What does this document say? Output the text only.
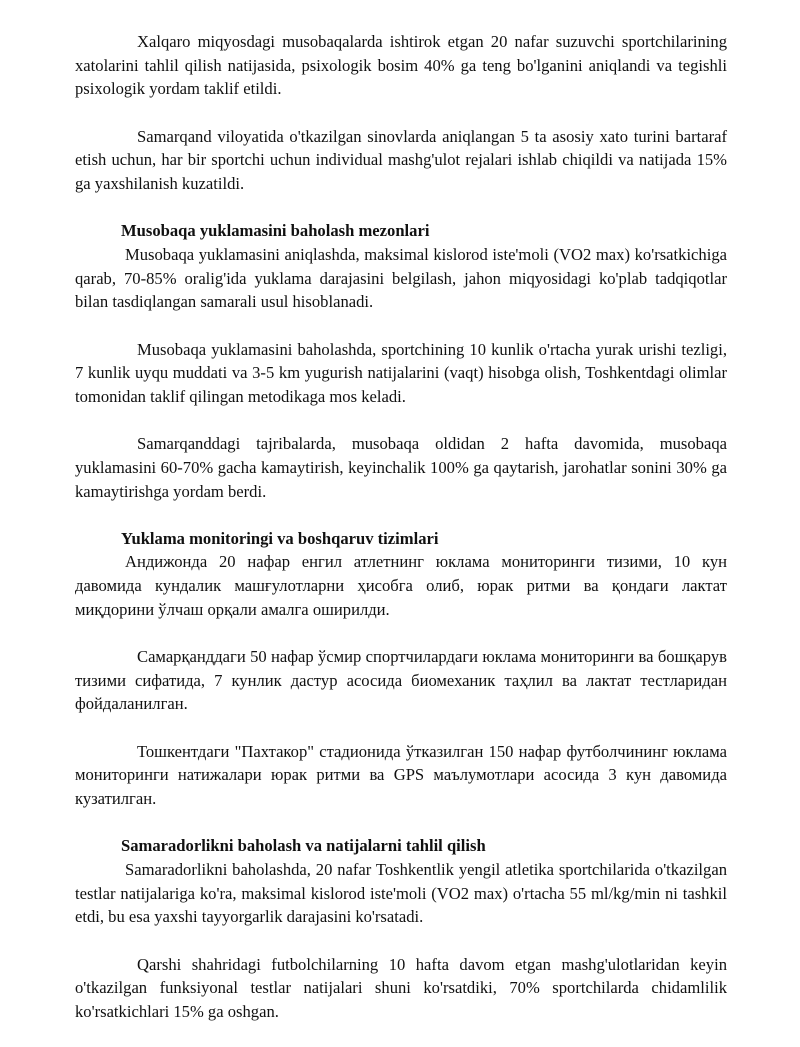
Xalqaro miqyosdagi musobaqalarda ishtirok etgan 20 nafar suzuvchi sportchilarining xatolarini tahlil qilish natijasida, psixologik bosim 40% ga teng bo'lganini aniqlandi va tegishli psixologik yordam taklif etildi.

Samarqand viloyatida o'tkazilgan sinovlarda aniqlangan 5 ta asosiy xato turini bartaraf etish uchun, har bir sportchi uchun individual mashg'ulot rejalari ishlab chiqildi va natijada 15% ga yaxshilanish kuzatildi.

Musobaqa yuklamasini baholash mezonlari

Musobaqa yuklamasini aniqlashda, maksimal kislorod iste'moli (VO2 max) ko'rsatkichiga qarab, 70-85% oralig'ida yuklama darajasini belgilash, jahon miqyosidagi ko'plab tadqiqotlar bilan tasdiqlangan samarali usul hisoblanadi.

Musobaqa yuklamasini baholashda, sportchining 10 kunlik o'rtacha yurak urishi tezligi, 7 kunlik uyqu muddati va 3-5 km yugurish natijalarini (vaqt) hisobga olish, Toshkentdagi olimlar tomonidan taklif qilingan metodikaga mos keladi.

Samarqanddagi tajribalarda, musobaqa oldidan 2 hafta davomida, musobaqa yuklamasini 60-70% gacha kamaytirish, keyinchalik 100% ga qaytarish, jarohatlar sonini 30% ga kamaytirishga yordam berdi.

Yuklama monitoringi va boshqaruv tizimlari

Андижонда 20 нафар енгил атлетнинг юклама мониторинги тизими, 10 кун давомида кундалик машғулотларни ҳисобга олиб, юрак ритми ва қондаги лактат миқдорини ўлчаш орқали амалга оширилди.

Самарқанддаги 50 нафар ўсмир спортчилардаги юклама мониторинги ва бошқарув тизими сифатида, 7 кунлик дастур асосида биомеханик таҳлил ва лактат тестларидан фойдаланилган.

Тошкентдаги "Пахтакор" стадионида ўтказилган 150 нафар футболчининг юклама мониторинги натижалари юрак ритми ва GPS маълумотлари асосида 3 кун давомида кузатилган.

Samaradorlikni baholash va natijalarni tahlil qilish

Samaradorlikni baholashda, 20 nafar Toshkentlik yengil atletika sportchilarida o'tkazilgan testlar natijalariga ko'ra, maksimal kislorod iste'moli (VO2 max) o'rtacha 55 ml/kg/min ni tashkil etdi, bu esa yaxshi tayyorgarlik darajasini ko'rsatadi.

Qarshi shahridagi futbolchilarning 10 hafta davom etgan mashg'ulotlaridan keyin o'tkazilgan funksiyonal testlar natijalari shuni ko'rsatdiki, 70% sportchilarda chidamlilik ko'rsatkichlari 15% ga oshgan.
